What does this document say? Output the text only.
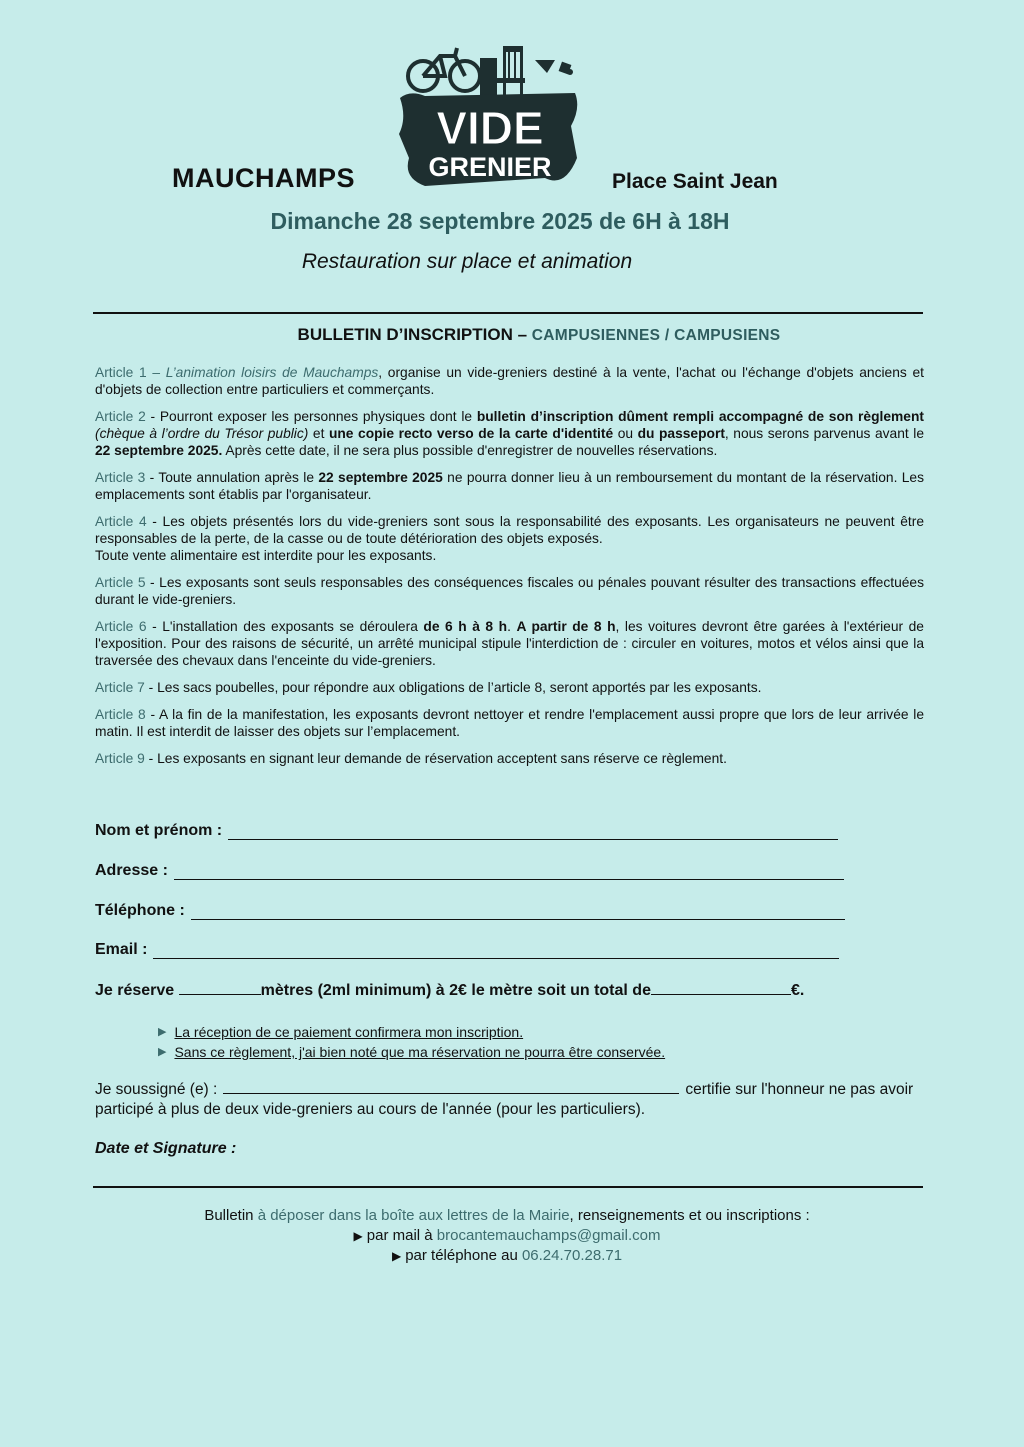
VIDE
GRENIER
MAUCHAMPS	Place Saint Jean
Dimanche 28 septembre 2025 de 6H à 18H
Restauration sur place et animation
BULLETIN D’INSCRIPTION – CAMPUSIENNES / CAMPUSIENS

Article 1 – L’animation loisirs de Mauchamps, organise un vide-greniers destiné à la vente, l'achat ou l'échange d'objets anciens et d'objets de collection entre particuliers et commerçants.

Article 2 - Pourront exposer les personnes physiques dont le bulletin d’inscription dûment rempli accompagné de son règlement (chèque à l’ordre du Trésor public) et une copie recto verso de la carte d'identité ou du passeport, nous serons parvenus avant le 22 septembre 2025. Après cette date, il ne sera plus possible d'enregistrer de nouvelles réservations.

Article 3 - Toute annulation après le 22 septembre 2025 ne pourra donner lieu à un remboursement du montant de la réservation. Les emplacements sont établis par l'organisateur.

Article 4 - Les objets présentés lors du vide-greniers sont sous la responsabilité des exposants. Les organisateurs ne peuvent être responsables de la perte, de la casse ou de toute détérioration des objets exposés.
Toute vente alimentaire est interdite pour les exposants.

Article 5 - Les exposants sont seuls responsables des conséquences fiscales ou pénales pouvant résulter des transactions effectuées durant le vide-greniers.

Article 6 - L'installation des exposants se déroulera de 6 h à 8 h. A partir de 8 h, les voitures devront être garées à l'extérieur de l'exposition. Pour des raisons de sécurité, un arrêté municipal stipule l'interdiction de : circuler en voitures, motos et vélos ainsi que la traversée des chevaux dans l'enceinte du vide-greniers.

Article 7 - Les sacs poubelles, pour répondre aux obligations de l’article 8, seront apportés par les exposants.

Article 8 - A la fin de la manifestation, les exposants devront nettoyer et rendre l'emplacement aussi propre que lors de leur arrivée le matin. Il est interdit de laisser des objets sur l’emplacement.

Article 9 - Les exposants en signant leur demande de réservation acceptent sans réserve ce règlement.

Nom et prénom :
Adresse :
Téléphone :
Email :
Je réserve	mètres (2ml minimum) à 2€ le mètre soit un total de	€.
▶ La réception de ce paiement confirmera mon inscription.
▶ Sans ce règlement, j'ai bien noté que ma réservation ne pourra être conservée.
Je soussigné (e) :	certifie sur l'honneur ne pas avoir participé à plus de deux vide-greniers au cours de l'année (pour les particuliers).
Date et Signature :
Bulletin à déposer dans la boîte aux lettres de la Mairie, renseignements et ou inscriptions :
▶ par mail à brocantemauchamps@gmail.com
▶ par téléphone au 06.24.70.28.71
